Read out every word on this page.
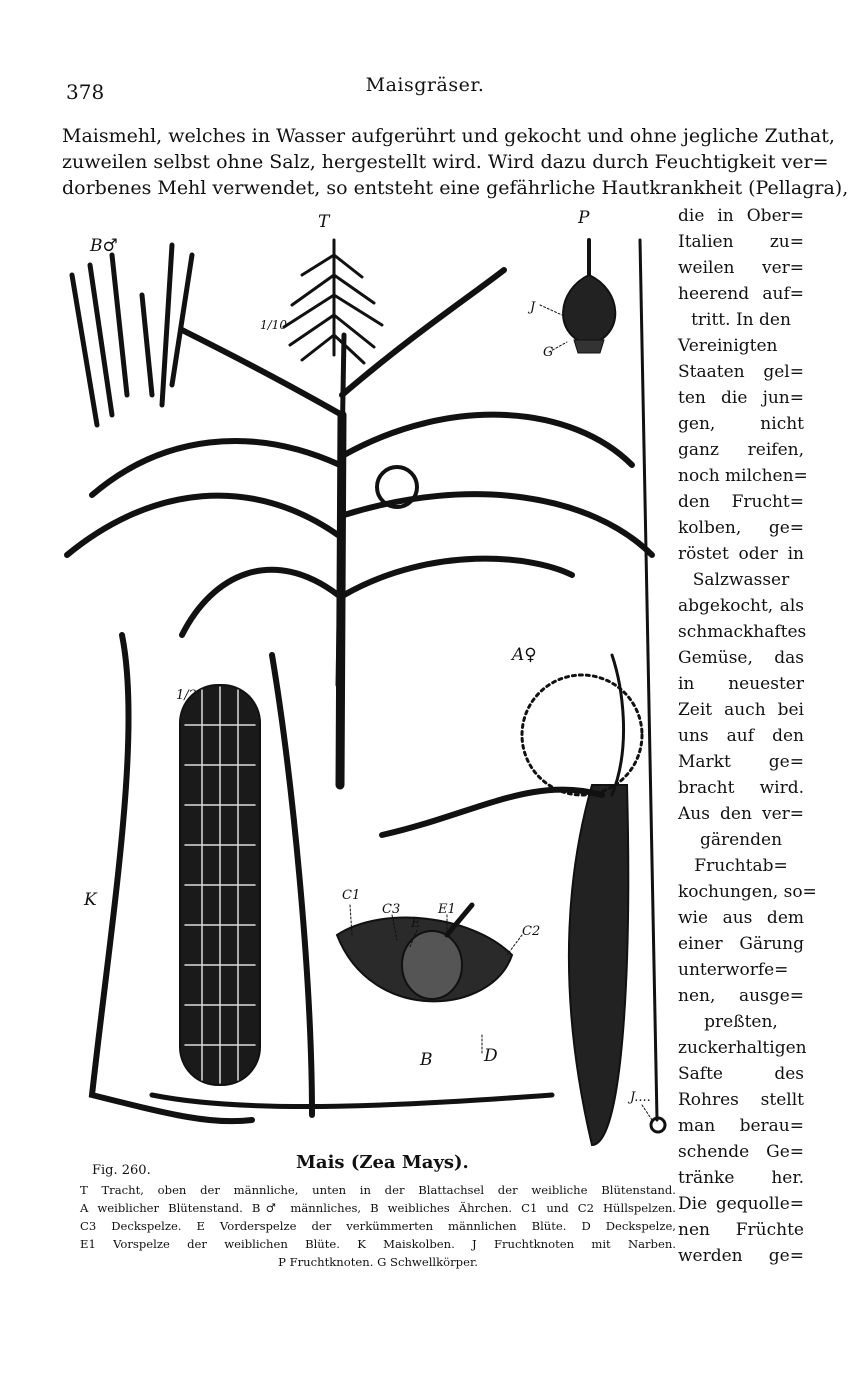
378	Maisgräser.
Maismehl, welches in Wasser aufgerührt und gekocht und ohne jegliche Zuthat,
zuweilen selbst ohne Salz, hergestellt wird. Wird dazu durch Feuchtigkeit ver=
dorbenes Mehl verwendet, so entsteht eine gefährliche Hautkrankheit (Pellagra),
die in Ober=
Italien zu=
weilen ver=
heerend auf=
tritt. In den
Vereinigten
Staaten gel=
ten die jun=
gen, nicht
ganz reifen,
noch milchen=
den Frucht=
kolben, ge=
röstet oder in
Salzwasser
abgekocht, als
schmackhaftes
Gemüse, das
in neuester
Zeit auch bei
uns auf den
Markt ge=
bracht wird.
Aus den ver=
gärenden
Fruchtab=
kochungen, so=
wie aus dem
einer Gärung
unterworfe=
nen, ausge=
preßten,
zuckerhaltigen
Safte des
Rohres stellt
man berau=
schende Ge=
tränke her.
Die gequolle=
nen Früchte
werden ge=
T	P
B♂
1/10
J
G
A♀
1/2
K	C1
C3
E
E1
C2
B	D
J....
Fig. 260.	Mais (Zea Mays).
T Tracht, oben der männliche, unten in der Blattachsel der weibliche Blütenstand.
A weiblicher Blütenstand. B♂ männliches, B weibliches Ährchen. C1 und C2 Hüllspelzen.
C3 Deckspelze. E Vorderspelze der verkümmerten männlichen Blüte. D Deckspelze,
E1 Vorspelze der weiblichen Blüte. K Maiskolben. J Fruchtknoten mit Narben.
P Fruchtknoten. G Schwellkörper.
